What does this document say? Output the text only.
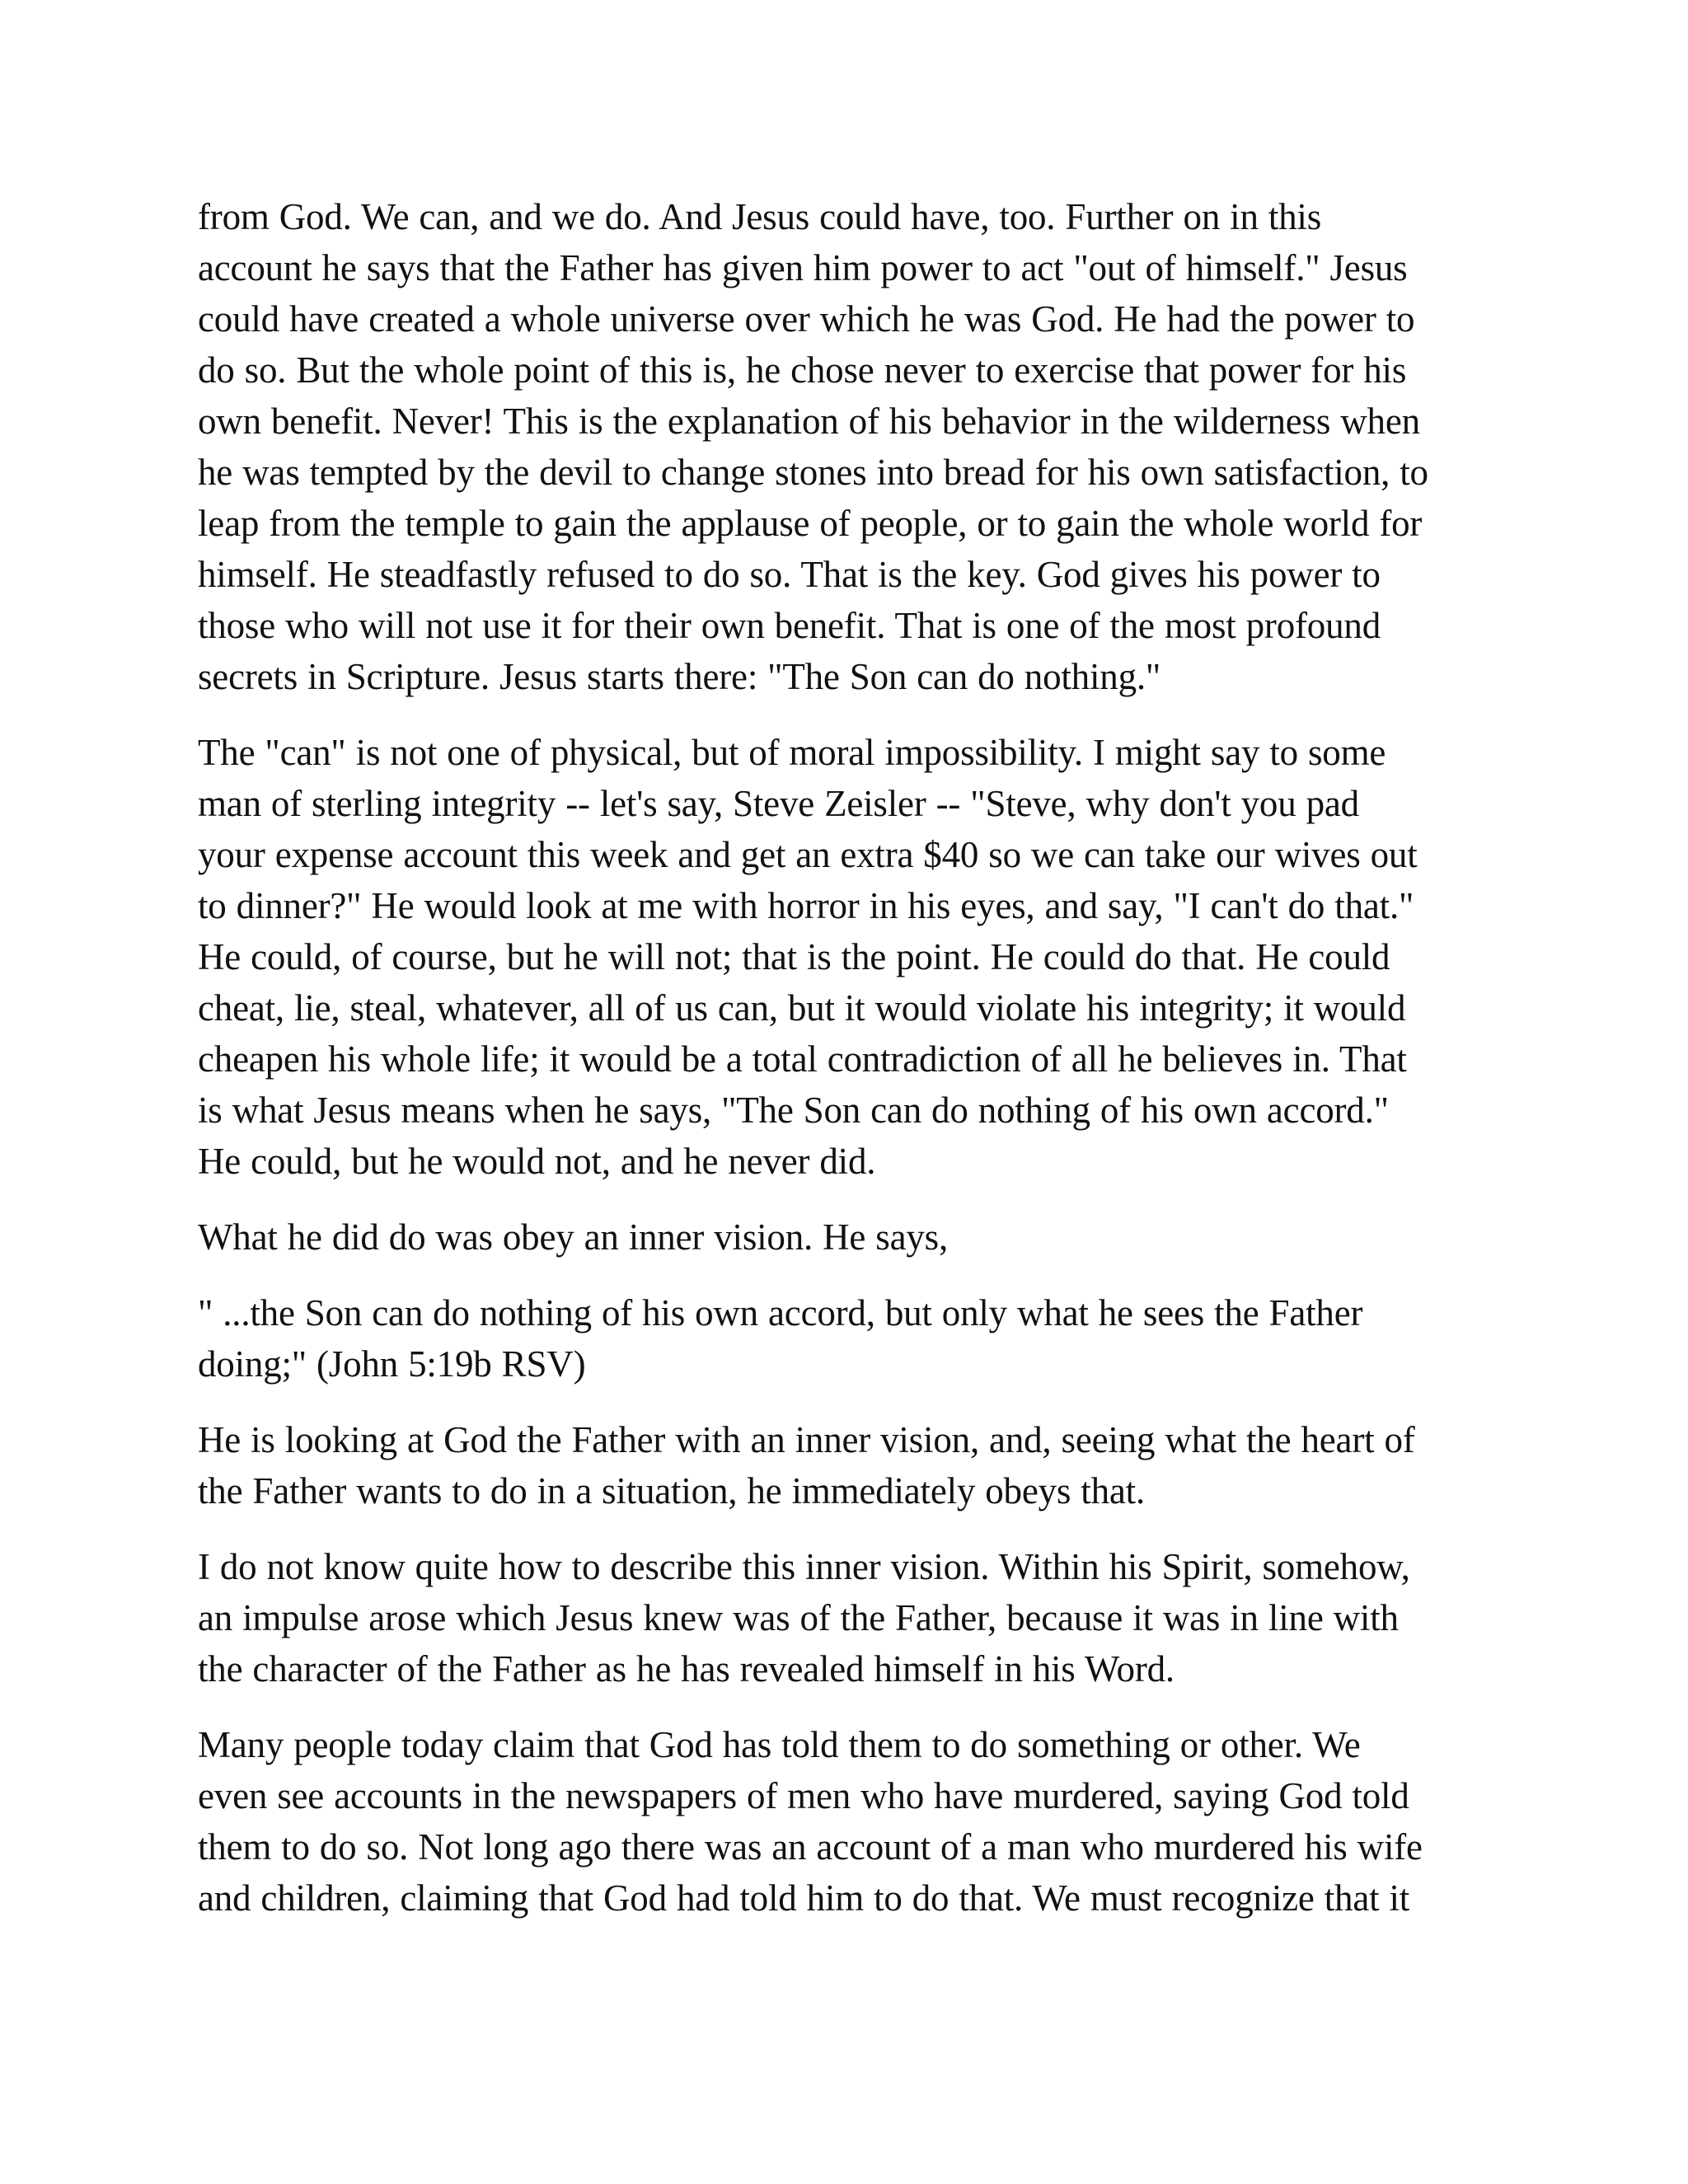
from God. We can, and we do. And Jesus could have, too. Further on in this
account he says that the Father has given him power to act "out of himself." Jesus
could have created a whole universe over which he was God. He had the power to
do so. But the whole point of this is, he chose never to exercise that power for his
own benefit. Never! This is the explanation of his behavior in the wilderness when
he was tempted by the devil to change stones into bread for his own satisfaction, to
leap from the temple to gain the applause of people, or to gain the whole world for
himself. He steadfastly refused to do so. That is the key. God gives his power to
those who will not use it for their own benefit. That is one of the most profound
secrets in Scripture. Jesus starts there: "The Son can do nothing."

The "can" is not one of physical, but of moral impossibility. I might say to some
man of sterling integrity -- let's say, Steve Zeisler -- "Steve, why don't you pad
your expense account this week and get an extra $40 so we can take our wives out
to dinner?" He would look at me with horror in his eyes, and say, "I can't do that."
He could, of course, but he will not; that is the point. He could do that. He could
cheat, lie, steal, whatever, all of us can, but it would violate his integrity; it would
cheapen his whole life; it would be a total contradiction of all he believes in. That
is what Jesus means when he says, "The Son can do nothing of his own accord."
He could, but he would not, and he never did.

What he did do was obey an inner vision. He says,

" ...the Son can do nothing of his own accord, but only what he sees the Father
doing;" (John 5:19b RSV)

He is looking at God the Father with an inner vision, and, seeing what the heart of
the Father wants to do in a situation, he immediately obeys that.

I do not know quite how to describe this inner vision. Within his Spirit, somehow,
an impulse arose which Jesus knew was of the Father, because it was in line with
the character of the Father as he has revealed himself in his Word.

Many people today claim that God has told them to do something or other. We
even see accounts in the newspapers of men who have murdered, saying God told
them to do so. Not long ago there was an account of a man who murdered his wife
and children, claiming that God had told him to do that. We must recognize that it
